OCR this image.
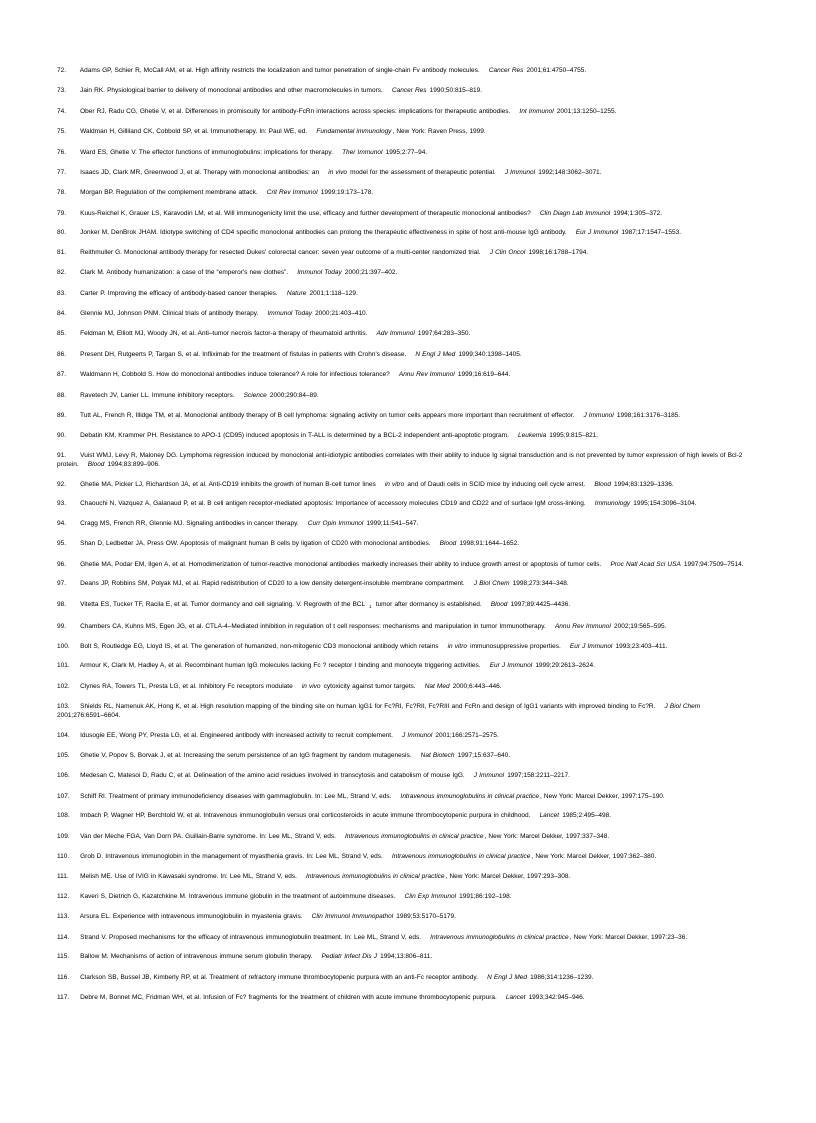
72. Adams GP, Schier R, McCall AM, et al. High affinity restricts the localization and tumor penetration of single-chain Fv antibody molecules. Cancer Res 2001;61:4750–4755.

73. Jain RK. Physiological barrier to delivery of monoclonal antibodies and other macromolecules in tumors. Cancer Res 1990;50:815–819.

74. Ober RJ, Radu CG, Ghetie V, et al. Differences in promiscuity for antibody-FcRn interactions across species: implications for therapeutic antibodies. Int Immunol 2001;13:1250–1255.

75. Waldman H, Gilliland CK, Cobbold SP, et al. Immunotherapy. In: Paul WE, ed. Fundamental immunology, New York: Raven Press, 1999.

76. Ward ES, Ghetie V. The effector functions of immunoglobulins: implications for therapy. Ther Immunol 1995;2:77–94.

77. Isaacs JD, Clark MR, Greenwood J, et al. Therapy with monoclonal antibodies: an in vivo model for the assessment of therapeutic potential. J Immunol 1992;148:3062–3071.

78. Morgan BP. Regulation of the complement membrane attack. Crit Rev Immunol 1999;19:173–178.

79. Kuus-Reichel K, Grauer LS, Karavodin LM, et al. Will immunogenicity limit the use, efficacy and further development of therapeutic monoclonal antibodies? Clin Diagn Lab Immunol 1994;1:305–372.

80. Jonker M, DenBrok JHAM. Idiotype switching of CD4 specific monoclonal antibodies can prolong the therapeutic effectiveness in spite of host anti-mouse IgG antibody. Eur J Immunol 1987;17:1547–1553.

81. Reithmuller G. Monoclonal antibody therapy for resected Dukes' colorectal cancer: seven year outcome of a multi-center randomized trial. J Clin Oncol 1998;16:1788–1794.

82. Clark M. Antibody humanization: a case of the “emperor's new clothes”. Immunol Today 2000;21:397–402.

83. Carter P. Improving the efficacy of antibody-based cancer therapies. Nature 2001;1:118–129.

84. Glennie MJ, Johnson PNM. Clinical trials of antibody therapy. Immunol Today 2000;21:403–410.

85. Feldman M, Elliott MJ, Woody JN, et al. Anti–tumor necrois factor-a therapy of rheumatoid arthritis. Adv Immunol 1997;64:283–350.

86. Present DH, Rutgeerts P, Targan S, et al. Infliximab for the treatment of fistulas in patients with Crohn's disease. N Engl J Med 1999;340:1398–1405.

87. Waldmann H, Cobbold S. How do monoclonal antibodies induce tolerance? A role for infectious tolerance? Annu Rev Immunol 1999;16:619–644.

88. Ravetech JV, Lanier LL. Immune inhibitory receptors. Science 2000;290:84–89.

89. Tutt AL, French R, Illidge TM, et al. Monoclonal antibody therapy of B cell lymphoma: signaling activity on tumor cells appears more important than recruitment of effector. J Immunol 1998;161:3176–3185.

90. Debatin KM, Krammer PH. Resistance to APO-1 (CD95) induced apoptosis in T-ALL is determined by a BCL-2 independent anti-apoptotic program. Leukemia 1995;9:815–821.

91. Vuist WMJ, Levy R, Maloney DG. Lymphoma regression induced by monoclonal anti-idiotypic antibodies correlates with their ability to induce Ig signal transduction and is not prevented by tumor expression of high levels of Bcl-2 protein. Blood 1994;83:899–906.

92. Ghetie MA, Picker LJ, Richardson JA, et al. Anti-CD19 inhibits the growth of human B-cell tumor lines in vitro and of Daudi cells in SCID mice by inducing cell cycle arrest. Blood 1994;83:1329–1336.

93. Chaouchi N, Vazquez A, Galanaud P, et al. B cell antigen receptor-mediated apoptosis: Importance of accessory molecules CD19 and CD22 and of surface IgM cross-linking. Immunology 1995;154:3096–3104.

94. Cragg MS, French RR, Glennie MJ. Signaling antibodies in cancer therapy. Curr Opin Immunol 1999;11:541–547.

95. Shan D, Ledbetter JA, Press OW. Apoptosis of malignant human B cells by ligation of CD20 with monoclonal antibodies. Blood 1998;91:1644–1652.

96. Ghetie MA, Podar EM, Ilgen A, et al. Homodimerization of tumor-reactive monoclonal antibodies markedly increases their ability to induce growth arrest or apoptosis of tumor cells. Proc Natl Acad Sci USA 1997;94:7509–7514.

97. Deans JP, Robbins SM, Polyak MJ, et al. Rapid redistribution of CD20 to a low density detergent-insoluble membrane compartment. J Biol Chem 1998;273:344–348.

98. Vitetta ES, Tucker TF, Racila E, et al. Tumor dormancy and cell signaling. V. Regrowth of the BCL $_1$ tumor after dormancy is established. Blood 1997;89:4425–4436.

99. Chambers CA, Kuhns MS, Egen JG, et al. CTLA-4–Mediated inhibition in regulation of t cell responses: mechanisms and manipulation in tumor Immunotherapy. Annu Rev Immunol 2002;19:565–595.

100. Bolt S, Routledge EG, Lloyd IS, et al. The generation of humanized, non-mitogenic CD3 monoclonal antibody which retains in vitro immunosuppressive properties. Eur J Immunol 1993;23:403–411.

101. Armour K, Clark M, Hadley A, et al. Recombinant human IgG molecules lacking Fc ? receptor I binding and monocyte triggering activities. Eur J Immunol 1999;29:2613–2624.

102. Clynes RA, Towers TL, Presta LG, et al. Inhibitory Fc receptors modulate in vivo cytoxicity against tumor targets. Nat Med 2000;6:443–446.

103. Shields RL, Namenuk AK, Hong K, et al. High resolution mapping of the binding site on human IgG1 for Fc?RI, Fc?RII, Fc?RIII and FcRn and design of IgG1 variants with improved binding to Fc?R. J Biol Chem 2001;276:6591–6604.

104. Idusogie EE, Wong PY, Presta LG, et al. Engineered antibody with increased activity to recruit complement. J Immunol 2001;166:2571–2575.

105. Ghetie V, Popov S, Borvak J, et al. Increasing the serum persistence of an IgG fragment by random mutagenesis. Nat Biotech 1997;15:637–640.

106. Medesan C, Matesoi D, Radu C, et al. Delineation of the amino acid residues involved in transcytosis and catabolism of mouse IgG. J Immunol 1997;158:2211–2217.

107. Schiff RI. Treatment of primary immunodeficiency diseases with gammaglobulin. In: Lee ML, Strand V, eds. Intravenous immunoglobulins in clinical practice, New York: Marcel Dekker, 1997:175–190.

108. Imbach P, Wagner HP, Berchtold W, et al. Intravenous immunoglobulin versus oral corticosteroids in acute immune thrombocytopenic purpura in childhood. Lancet 1985;2:495–498.

109. Van der Meche FGA, Van Dorn PA. Guillain-Barre syndrome. In: Lee ML, Strand V, eds. Intravenous immunoglobulins in clinical practice, New York: Marcel Dekker, 1997:337–348.

110. Grob D. Intravenous immunoglobin in the management of myasthenia gravis. In: Lee ML, Strand V, eds. Intravenous immunoglobulins in clinical practice, New York: Marcel Dekker, 1997:362–380.

111. Melish ME. Use of IVIG in Kawasaki syndrome. In: Lee ML, Strand V, eds. Intravenous immunoglobulins in clinical practice, New York: Marcel Dekker, 1997:293–308.

112. Kaveri S, Dietrich G, Kazatchkine M. Intravenous immune globulin in the treatment of autoimmune diseases. Clin Exp Immunol 1991;86:192–198.

113. Arsura EL. Experience with intravenous immunoglobulin in myastenia gravis. Clin Immunol Immunopathol 1989;53:5170–5179.

114. Strand V. Proposed mechanisms for the efficacy of intravenous immunoglobulin treatment. In: Lee ML, Strand V, eds. Intravenous immunoglobulins in clinical practice, New York: Marcel Dekker, 1997:23–36.

115. Ballow M. Mechanisms of action of intravenous immune serum globulin therapy. Pediatr Infect Dis J 1994;13:806–811.

116. Clarkson SB, Bussel JB, Kimberly RP, et al. Treatment of refractory immune thrombocytopenic purpura with an anti-Fc receptor antibody. N Engl J Med 1986;314:1236–1239.

117. Debre M, Bonnet MC, Fridman WH, et al. Infusion of Fc? fragments for the treatment of children with acute immune thrombocytopenic purpura. Lancet 1993;342:945–946.
